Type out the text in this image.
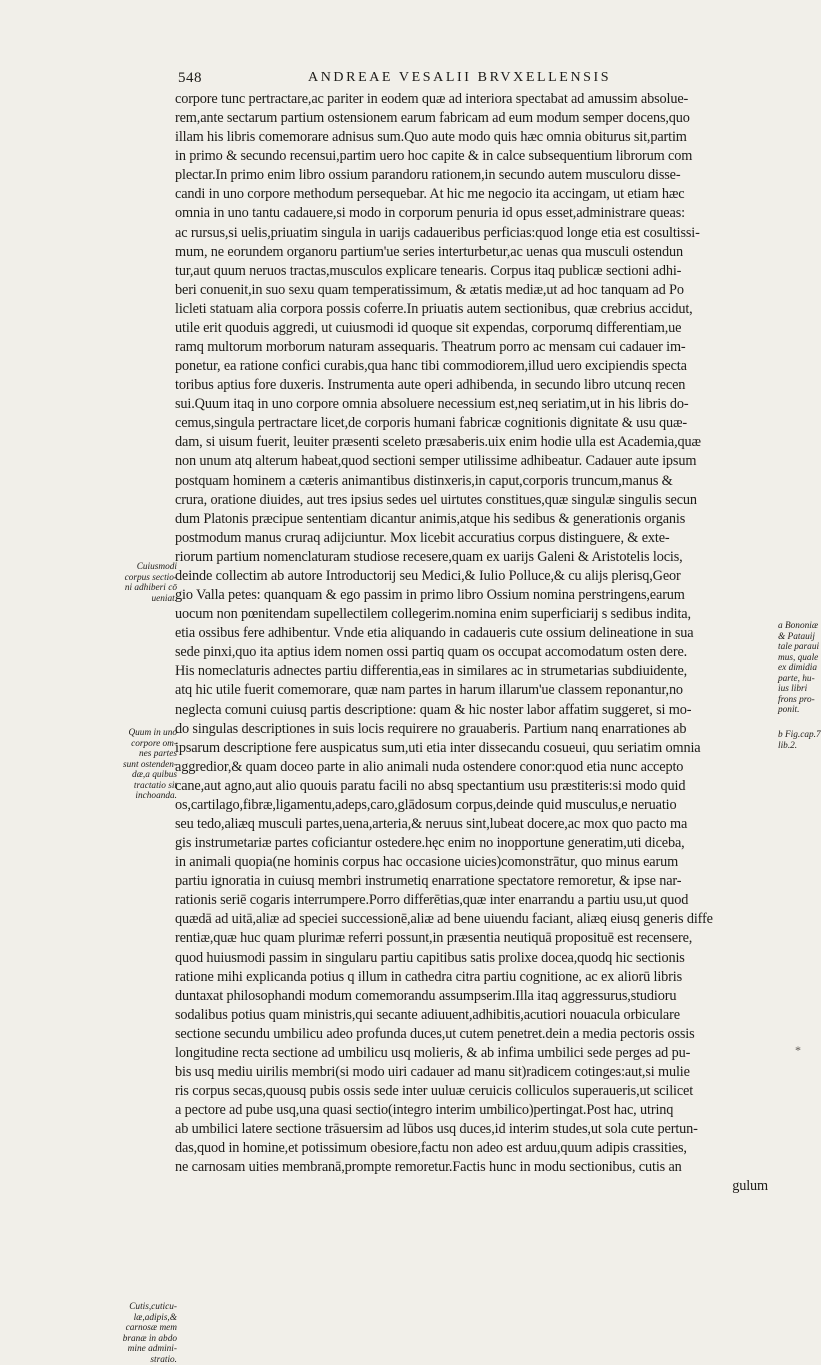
548	ANDREAE VESALII BRVXELLENSIS
corpore tunc pertractare,ac pariter in eodem quæ ad interiora spectabat ad amussim absolue-
rem,ante sectarum partium ostensionem earum fabricam ad eum modum semper docens,quo
illam his libris comemorare adnisus sum.Quo aute modo quis hæc omnia obiturus sit,partim
in primo & secundo recensui,partim uero hoc capite & in calce subsequentium librorum com
plectar.In primo enim libro ossium parandoru rationem,in secundo autem musculoru disse-
candi in uno corpore methodum persequebar. At hic me negocio ita accingam, ut etiam hæc
omnia in uno tantu cadauere,si modo in corporum penuria id opus esset,administrare queas:
ac rursus,si uelis,priuatim singula in uarijs cadaueribus perficias:quod longe etia est cosultissi-
mum, ne eorundem organoru partium'ue series interturbetur,ac uenas qua musculi ostendun
tur,aut quum neruos tractas,musculos explicare tenearis. Corpus itaq publicæ sectioni adhi-
beri conuenit,in suo sexu quam temperatissimum, & ætatis mediæ,ut ad hoc tanquam ad Po
licleti statuam alia corpora possis coferre.In priuatis autem sectionibus, quæ crebrius accidut,
utile erit quoduis aggredi, ut cuiusmodi id quoque sit expendas, corporumq differentiam,ue
ramq multorum morborum naturam assequaris. Theatrum porro ac mensam cui cadauer im-
ponetur, ea ratione confici curabis,qua hanc tibi commodiorem,illud uero excipiendis specta
toribus aptius fore duxeris. Instrumenta aute operi adhibenda, in secundo libro utcunq recen
sui.Quum itaq in uno corpore omnia absoluere necessium est,neq seriatim,ut in his libris do-
cemus,singula pertractare licet,de corporis humani fabricæ cognitionis dignitate & usu quæ-
dam, si uisum fuerit, leuiter præsenti sceleto præsaberis.uix enim hodie ulla est Academia,quæ
non unum atq alterum habeat,quod sectioni semper utilissime adhibeatur. Cadauer aute ipsum
postquam hominem a cæteris animantibus distinxeris,in caput,corporis truncum,manus &
crura, oratione diuides, aut tres ipsius sedes uel uirtutes constitues,quæ singulæ singulis secun
dum Platonis præcipue sententiam dicantur animis,atque his sedibus & generationis organis
postmodum manus cruraq adijciuntur. Mox licebit accuratius corpus distinguere, & exte-
riorum partium nomenclaturam studiose recesere,quam ex uarijs Galeni & Aristotelis locis,
deinde collectim ab autore Introductorij seu Medici,& Iulio Polluce,& cu alijs plerisq,Geor
gio Valla petes: quanquam & ego passim in primo libro Ossium nomina perstringens,earum
uocum non pœnitendam supellectilem collegerim.nomina enim superficiarij s sedibus indita,
etia ossibus fere adhibentur. Vnde etia aliquando in cadaueris cute ossium delineatione in sua
sede pinxi,quo ita aptius idem nomen ossi partiq quam os occupat accomodatum osten dere.
His nomeclaturis adnectes partiu differentia,eas in similares ac in strumetarias subdiuidente,
atq hic utile fuerit comemorare, quæ nam partes in harum illarum'ue classem reponantur,no
neglecta comuni cuiusq partis descriptione: quam & hic noster labor affatim suggeret, si mo-
do singulas descriptiones in suis locis requirere no grauaberis. Partium nanq enarrationes ab
ipsarum descriptione fere auspicatus sum,uti etia inter dissecandu cosueui, quu seriatim omnia
aggredior,& quam doceo parte in alio animali nuda ostendere conor:quod etia nunc accepto
cane,aut agno,aut alio quouis paratu facili no absq spectantium usu præstiteris:si modo quid
os,cartilago,fibræ,ligamentu,adeps,caro,glādosum corpus,deinde quid musculus,e neruatio
seu tedo,aliæq musculi partes,uena,arteria,& neruus sint,lubeat docere,ac mox quo pacto ma
gis instrumetariæ partes coficiantur ostedere.hęc enim no inopportune generatim,uti diceba,
in animali quopia(ne hominis corpus hac occasione uicies)comonstrātur, quo minus earum
partiu ignoratia in cuiusq membri instrumetiq enarratione spectatore remoretur, & ipse nar-
rationis seriē cogaris interrumpere.Porro differētias,quæ inter enarrandu a partiu usu,ut quod
quædā ad uitā,aliæ ad speciei successionē,aliæ ad bene uiuendu faciant, aliæq eiusq generis diffe
rentiæ,quæ huc quam plurimæ referri possunt,in præsentia neutiquā proposituē est recensere,
quod huiusmodi passim in singularu partiu capitibus satis prolixe docea,quodq hic sectionis
ratione mihi explicanda potius q illum in cathedra citra partiu cognitione, ac ex aliorū libris
duntaxat philosophandi modum comemorandu assumpserim.Illa itaq aggressurus,studioru
sodalibus potius quam ministris,qui secante adiuuent,adhibitis,acutiori nouacula orbiculare
sectione secundu umbilicu adeo profunda duces,ut cutem penetret.dein a media pectoris ossis
longitudine recta sectione ad umbilicu usq molieris, & ab infima umbilici sede perges ad pu-
bis usq mediu uirilis membri(si modo uiri cadauer ad manu sit)radicem cotinges:aut,si mulie
ris corpus secas,quousq pubis ossis sede inter uuluæ ceruicis colliculos superaueris,ut scilicet
a pectore ad pube usq,una quasi sectio(integro interim umbilico)pertingat.Post hac, utrinq
ab umbilici latere sectione trāsuersim ad lūbos usq duces,id interim studes,ut sola cute pertun-
das,quod in homine,et potissimum obesiore,factu non adeo est arduu,quum adipis crassities,
ne carnosam uities membranā,prompte remoretur.Factis hunc in modu sectionibus, cutis an
gulum
Cuiusmodi
corpus sectio-
ni adhiberi cō
ueniat.
Quum in uno
corpore om-
nes partes
sunt ostenden-
dæ,a quibus
tractatio sit
inchoanda.
Cutis,cuticu-
læ,adipis,&
carnosæ mem
branæ in abdo
mine admini-
stratio.
a Bononiæ
& Patauij
tale paraui
mus, quale
ex dimidia
parte, hu-
ius libri
frons pro-
ponit.
b Fig.cap.7
lib.2.
*
